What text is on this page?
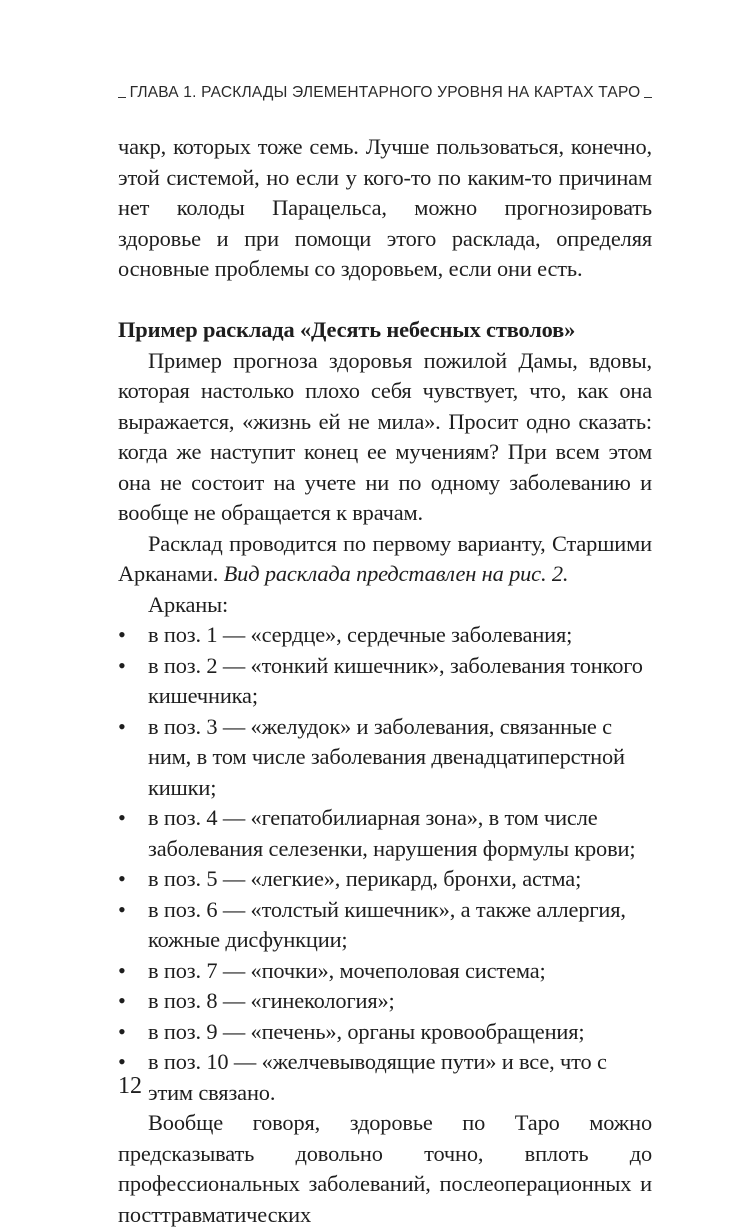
ГЛАВА 1. РАСКЛАДЫ ЭЛЕМЕНТАРНОГО УРОВНЯ НА КАРТАХ ТАРО

чакр, которых тоже семь. Лучше пользоваться, конечно, этой системой, но если у кого-то по каким-то причинам нет колоды Парацельса, можно прогнозировать здоровье и при помощи этого расклада, определяя основные проблемы со здоровьем, если они есть.

Пример расклада «Десять небесных стволов»

Пример прогноза здоровья пожилой Дамы, вдовы, которая настолько плохо себя чувствует, что, как она выражается, «жизнь ей не мила». Просит одно сказать: когда же наступит конец ее мучениям? При всем этом она не состоит на учете ни по одному заболеванию и вообще не обращается к врачам.

Расклад проводится по первому варианту, Старшими Арканами. Вид расклада представлен на рис. 2.

Арканы:

• в поз. 1 — «сердце», сердечные заболевания;
• в поз. 2 — «тонкий кишечник», заболевания тонкого кишечника;
• в поз. 3 — «желудок» и заболевания, связанные с ним, в том числе заболевания двенадцатиперстной кишки;
• в поз. 4 — «гепатобилиарная зона», в том числе заболевания селезенки, нарушения формулы крови;
• в поз. 5 — «легкие», перикард, бронхи, астма;
• в поз. 6 — «толстый кишечник», а также аллергия, кожные дисфункции;
• в поз. 7 — «почки», мочеполовая система;
• в поз. 8 — «гинекология»;
• в поз. 9 — «печень», органы кровообращения;
• в поз. 10 — «желчевыводящие пути» и все, что с этим связано.

Вообще говоря, здоровье по Таро можно предсказывать довольно точно, вплоть до профессиональных заболеваний, послеоперационных и посттравматических

12
